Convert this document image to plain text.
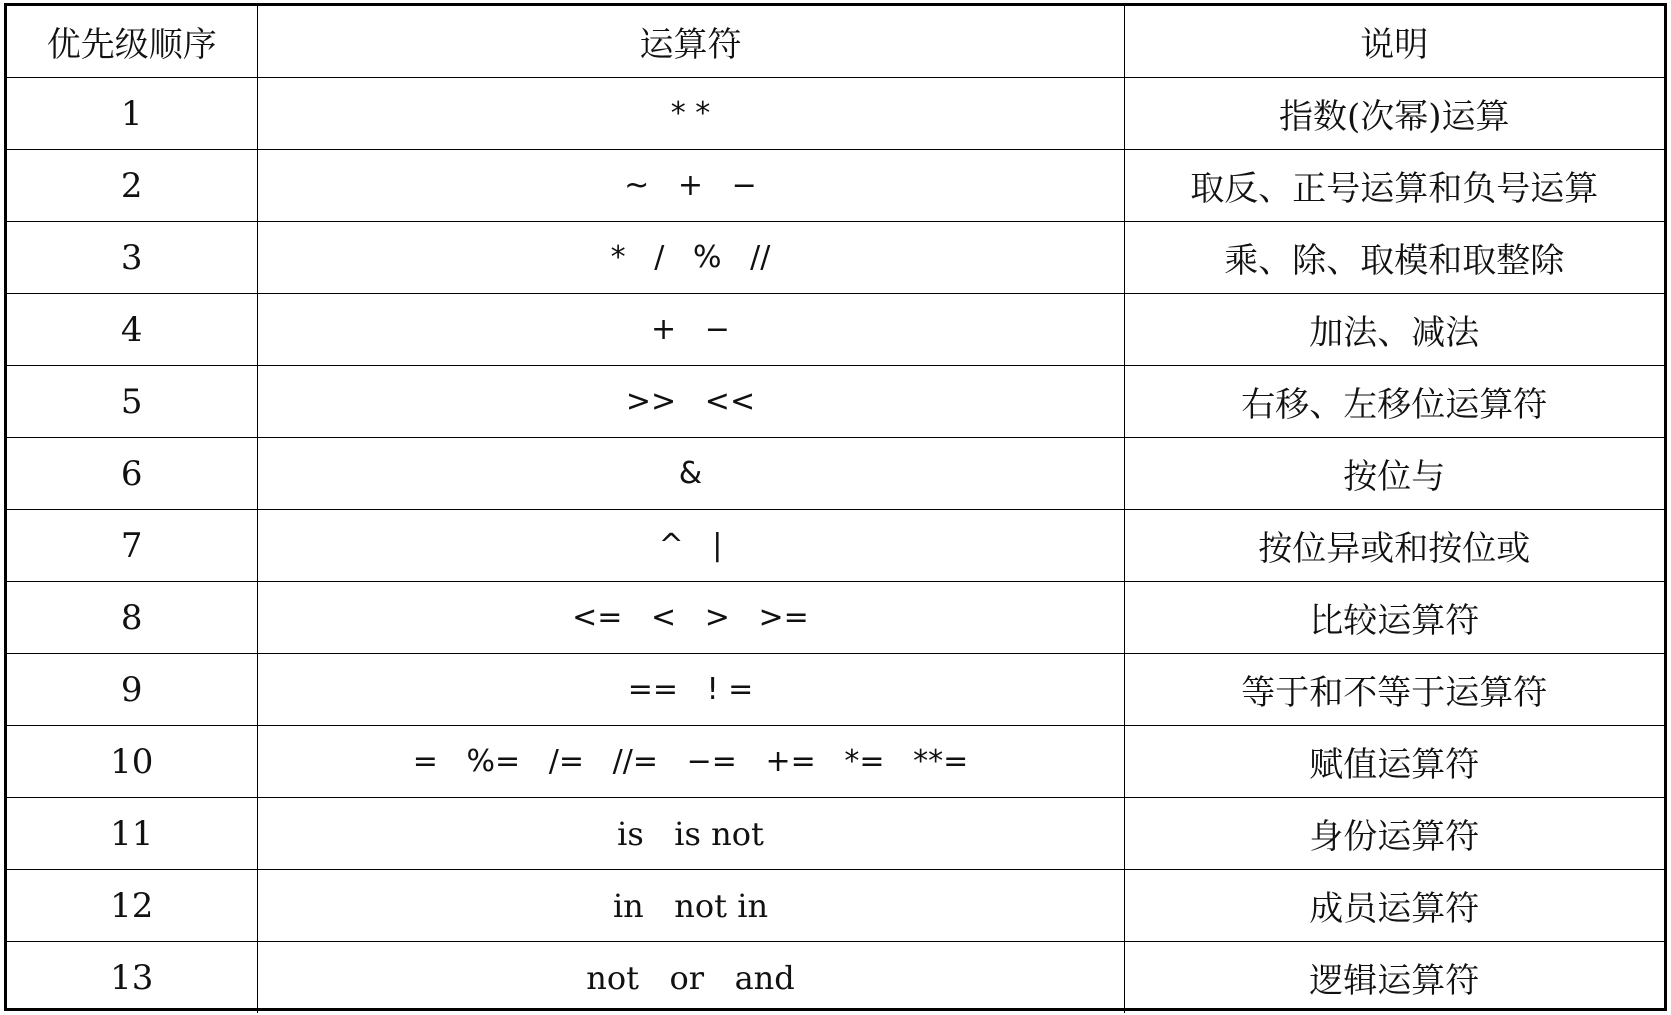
优先级顺序	运算符	说明
1	* *	指数(次幂)运算
2	~   +   −	取反、正号运算和负号运算
3	*   /   %   //	乘、除、取模和取整除
4	+   −	加法、减法
5	>>   <<	右移、左移位运算符
6	&	按位与
7	^   |	按位异或和按位或
8	<=   <   >   >=	比较运算符
9	==   ! =	等于和不等于运算符
10	=   %=   /=   //=   −=   +=   *=   **=	赋值运算符
11	is   is not	身份运算符
12	in   not in	成员运算符
13	not   or   and	逻辑运算符
